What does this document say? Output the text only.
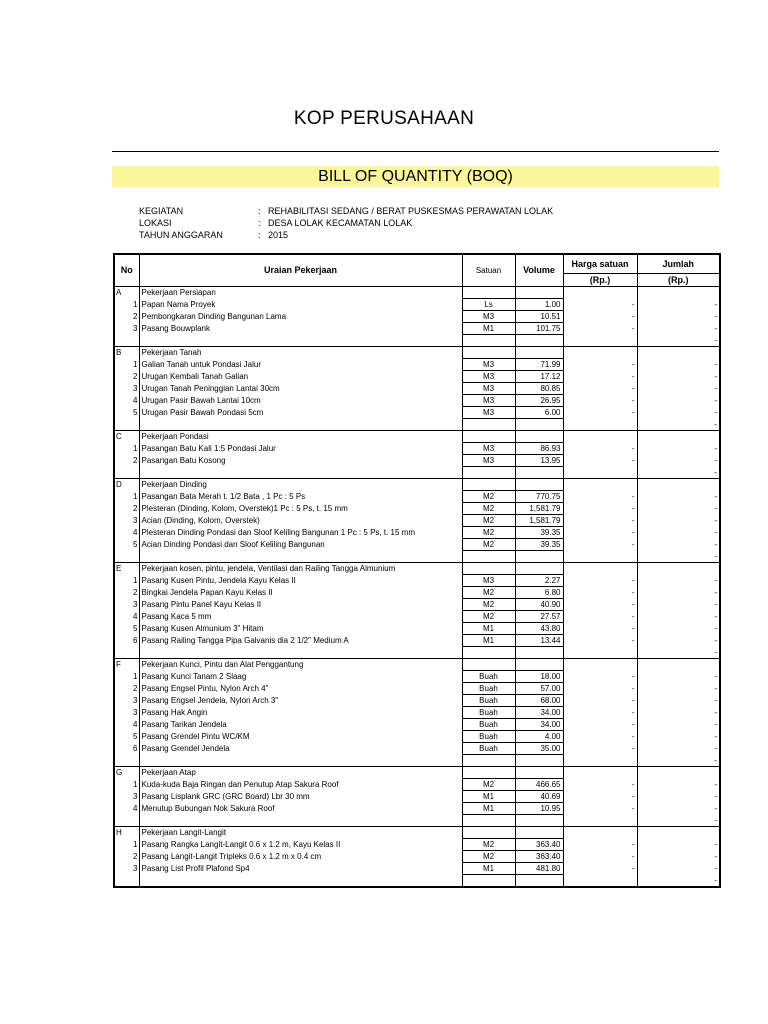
KOP PERUSAHAAN
BILL OF QUANTITY (BOQ)
KEGIATAN	: REHABILITASI SEDANG / BERAT PUSKESMAS PERAWATAN LOLAK
LOKASI	: DESA LOLAK KECAMATAN LOLAK
TAHUN ANGGARAN	: 2015
No		Uraian Pekerjaan	Satuan	Volume	Harga satuan	Jumlah
					(Rp.)	(Rp.)
A		Pekerjaan Persiapan				
	1	Papan Nama Proyek	Ls	1.00	-	-
	2	Pembongkaran Dinding Bangunan Lama	M3	10.51	-	-
	3	Pasang Bouwplank	M1	101.75	-	-
						-
B		Pekerjaan Tanah				
	1	Galian Tanah untuk Pondasi Jalur	M3	71.99	-	-
	2	Urugan Kembali Tanah Galian	M3	17.12	-	-
	3	Urugan Tanah Peninggian Lantai 30cm	M3	80.85	-	-
	4	Urugan Pasir Bawah Lantai 10cm	M3	26.95	-	-
	5	Urugan Pasir Bawah Pondasi 5cm	M3	6.00	-	-
						-
C		Pekerjaan Pondasi				
	1	Pasangan Batu Kali 1:5 Pondasi Jalur	M3	86.93	-	-
	2	Pasangan Batu Kosong	M3	13.95	-	-
						-
D		Pekerjaan Dinding				
	1	Pasangan Bata Merah t. 1/2 Bata , 1 Pc : 5 Ps	M2	770.75	-	-
	2	Plesteran (Dinding, Kolom, Overstek)1 Pc : 5 Ps, t. 15 mm	M2	1,581.79	-	-
	3	Acian (Dinding, Kolom, Overstek)	M2	1,581.79	-	-
	4	Plesteran Dinding Pondasi dan Sloof Keliling Bangunan 1 Pc : 5 Ps, t. 15 mm	M2	39.35	-	-
	5	Acian Dinding Pondasi dan Sloof Keliling Bangunan	M2	39.35	-	-
						-
E		Pekerjaan kosen, pintu, jendela, Ventilasi dan Railing Tangga Almunium				
	1	Pasang Kusen Pintu, Jendela Kayu Kelas II	M3	2.27	-	-
	2	Bingkai Jendela Papan Kayu Kelas II	M2	6.80	-	-
	3	Pasang Pintu Panel Kayu Kelas II	M2	40.90	-	-
	4	Pasang Kaca 5 mm	M2	27.57	-	-
	5	Pasang Kusen Almunium 3" Hitam	M1	43.80	-	-
	6	Pasang Railing Tangga Pipa Galvanis dia 2 1/2" Medium A	M1	13.44	-	-
						-
F		Pekerjaan Kunci, Pintu dan Alat Penggantung				
	1	Pasang Kunci Tanam 2 Slaag	Buah	18.00	-	-
	2	Pasang Engsel Pintu, Nylon Arch 4"	Buah	57.00	-	-
	3	Pasang Engsel Jendela, Nylon Arch 3"	Buah	68.00	-	-
	3	Pasang Hak Angin	Buah	34.00	-	-
	4	Pasang Tarikan Jendela	Buah	34.00	-	-
	5	Pasang Grendel Pintu WC/KM	Buah	4.00	-	-
	6	Pasang Grendel Jendela	Buah	35.00	-	-
						-
G		Pekerjaan Atap				
	1	Kuda-kuda Baja Ringan dan Penutup Atap Sakura Roof	M2	466.65	-	-
	3	Pasang Lisplank GRC (GRC Board) Lbr 30 mm	M1	40.69	-	-
	4	Menutup Bubungan Nok Sakura Roof	M1	10.95	-	-
						-
H		Pekerjaan Langit-Langit				
	1	Pasang Rangka Langit-Langit 0.6 x 1.2 m, Kayu Kelas II	M2	363.40	-	-
	2	Pasang Langit-Langit Tripleks 0.6 x 1.2 m x 0.4 cm	M2	363.40	-	-
	3	Pasang List Profil Plafond Sp4	M1	481.80	-	-
						-
